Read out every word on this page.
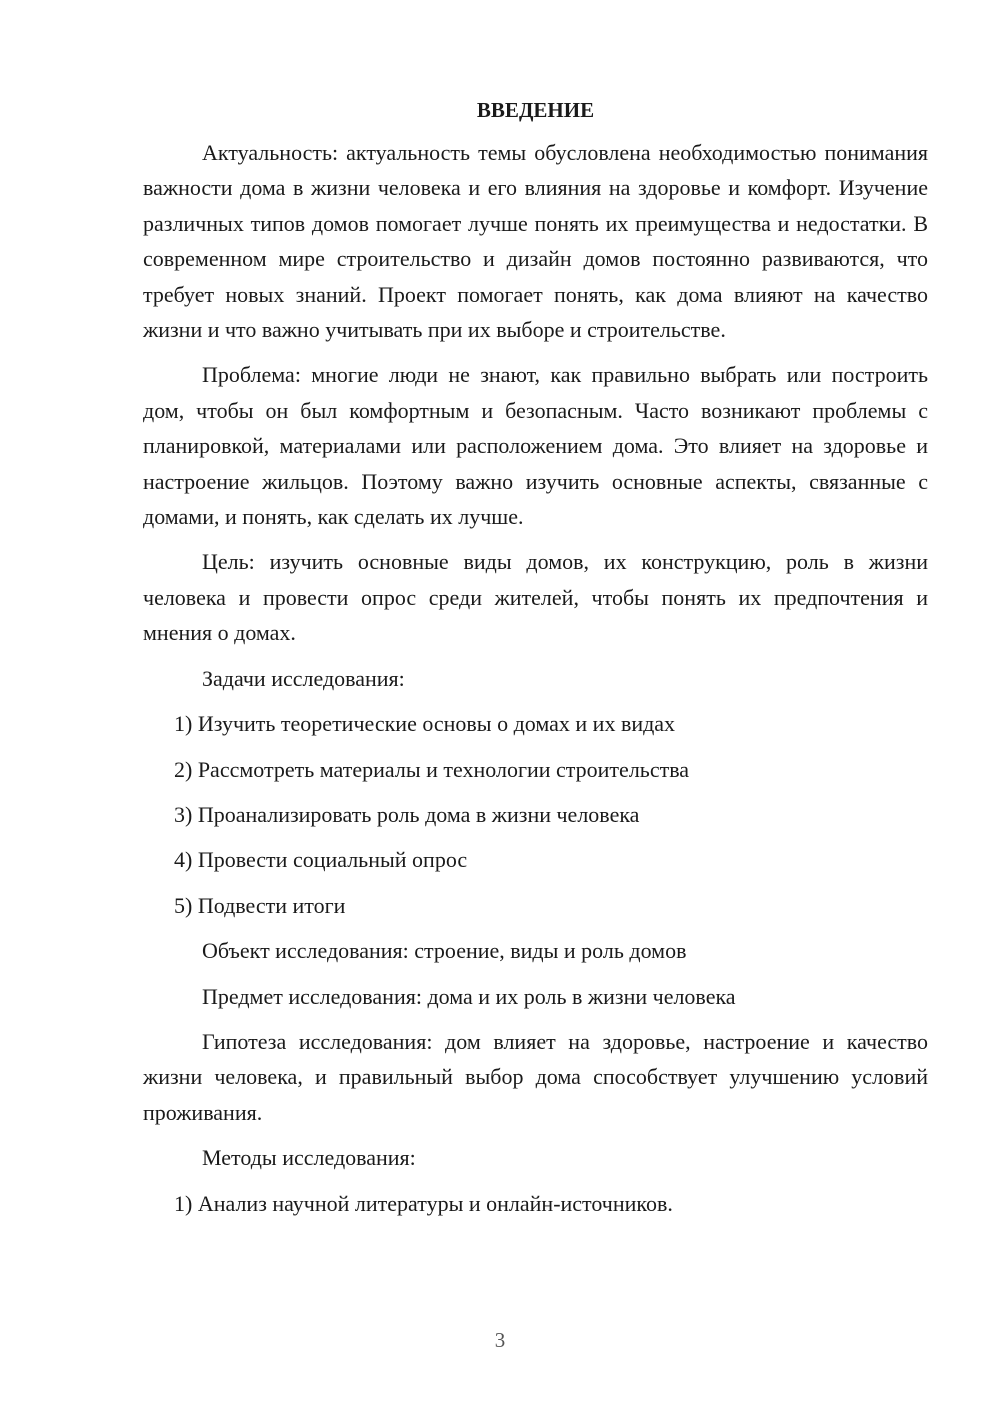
ВВЕДЕНИЕ
Актуальность: актуальность темы обусловлена необходимостью понимания важности дома в жизни человека и его влияния на здоровье и комфорт. Изучение различных типов домов помогает лучше понять их преимущества и недостатки. В современном мире строительство и дизайн домов постоянно развиваются, что требует новых знаний. Проект помогает понять, как дома влияют на качество жизни и что важно учитывать при их выборе и строительстве.
Проблема: многие люди не знают, как правильно выбрать или построить дом, чтобы он был комфортным и безопасным. Часто возникают проблемы с планировкой, материалами или расположением дома. Это влияет на здоровье и настроение жильцов. Поэтому важно изучить основные аспекты, связанные с домами, и понять, как сделать их лучше.
Цель: изучить основные виды домов, их конструкцию, роль в жизни человека и провести опрос среди жителей, чтобы понять их предпочтения и мнения о домах.
Задачи исследования:
1) Изучить теоретические основы о домах и их видах
2) Рассмотреть материалы и технологии строительства
3) Проанализировать роль дома в жизни человека
4) Провести социальный опрос
5) Подвести итоги
Объект исследования: строение, виды и роль домов
Предмет исследования: дома и их роль в жизни человека
Гипотеза исследования: дом влияет на здоровье, настроение и качество жизни человека, и правильный выбор дома способствует улучшению условий проживания.
Методы исследования:
1) Анализ научной литературы и онлайн-источников.
3
